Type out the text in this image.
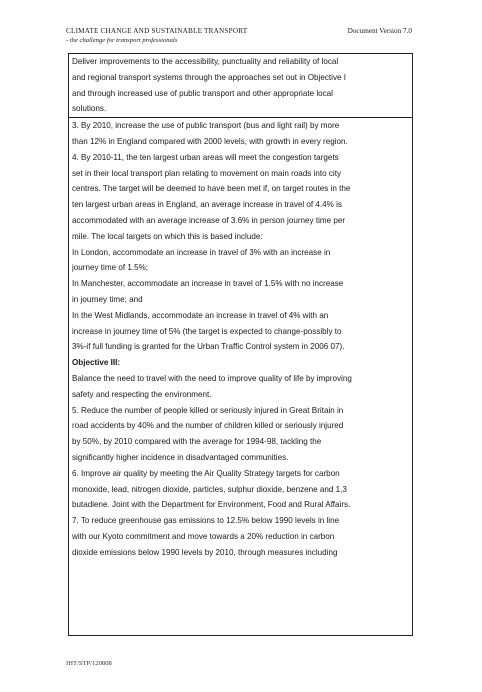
CLIMATE CHANGE AND SUSTAINABLE TRANSPORT
- the challenge for transport professionals
Document Version 7.0
Deliver improvements to the accessibility, punctuality and reliability of local
and regional transport systems through the approaches set out in Objective I
and through increased use of public transport and other appropriate local
solutions.
3. By 2010, increase the use of public transport (bus and light rail) by more
than 12% in England compared with 2000 levels, with growth in every region.
4. By 2010-11, the ten largest urban areas will meet the congestion targets
set in their local transport plan relating to movement on main roads into city
centres. The target will be deemed to have been met if, on target routes in the
ten largest urban areas in England, an average increase in travel of 4.4% is
accommodated with an average increase of 3.6% in person journey time per
mile. The local targets on which this is based include:
In London, accommodate an increase in travel of 3% with an increase in
journey time of 1.5%;
In Manchester, accommodate an increase in travel of 1.5% with no increase
in journey time; and
In the West Midlands, accommodate an increase in travel of 4% with an
increase in journey time of 5% (the target is expected to change-possibly to
3%-if full funding is granted for the Urban Traffic Control system in 2006 07).
Objective III:
Balance the need to travel with the need to improve quality of life by improving
safety and respecting the environment.
5. Reduce the number of people killed or seriously injured in Great Britain in
road accidents by 40% and the number of children killed or seriously injured
by 50%, by 2010 compared with the average for 1994-98, tackling the
significantly higher incidence in disadvantaged communities.
6. Improve air quality by meeting the Air Quality Strategy targets for carbon
monoxide, lead, nitrogen dioxide, particles, sulphur dioxide, benzene and 1,3
butadiene. Joint with the Department for Environment, Food and Rural Affairs.
7. To reduce greenhouse gas emissions to 12.5% below 1990 levels in line
with our Kyoto commitment and move towards a 20% reduction in carbon
dioxide emissions below 1990 levels by 2010, through measures including
IHT/STP/120808
